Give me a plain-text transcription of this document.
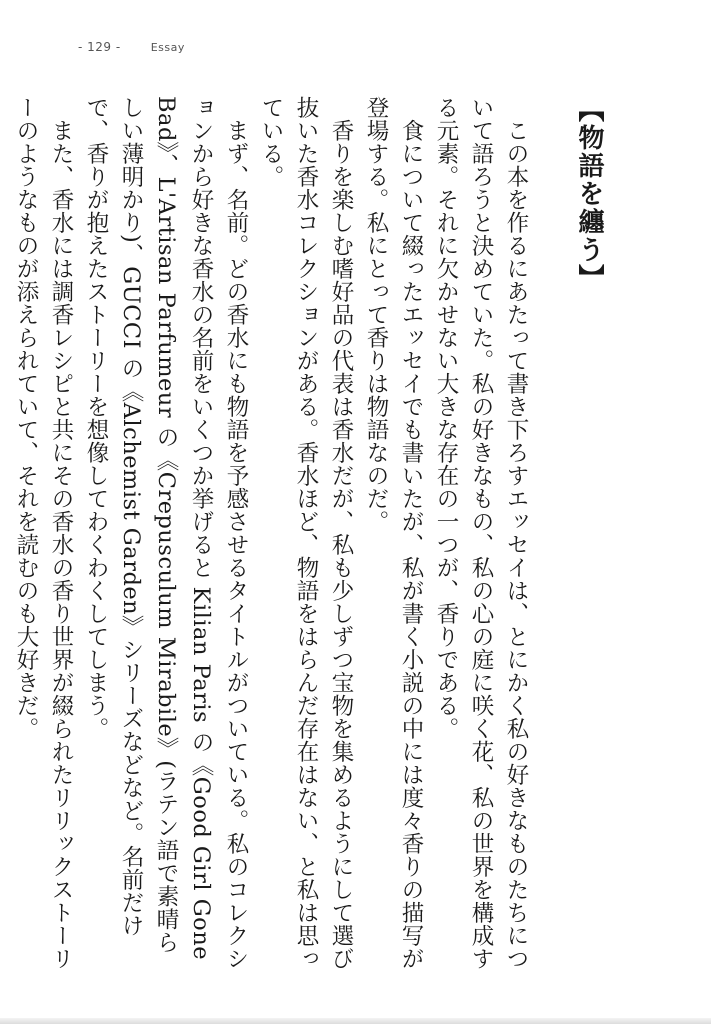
- 129 -	Essay
【物語を纏う】

この本を作るにあたって書き下ろすエッセイは、とにかく私の好きなものたちについて語ろうと決めていた。私の好きなもの、私の心の庭に咲く花、私の世界を構成する元素。それに欠かせない大きな存在の一つが、香りである。

食について綴ったエッセイでも書いたが、私が書く小説の中には度々香りの描写が登場する。私にとって香りは物語なのだ。

香りを楽しむ嗜好品の代表は香水だが、私も少しずつ宝物を集めるようにして選び抜いた香水コレクションがある。香水ほど、物語をはらんだ存在はない、と私は思っている。

まず、名前。どの香水にも物語を予感させるタイトルがついている。私のコレクションから好きな香水の名前をいくつか挙げると Kilian Paris の《Good Girl Gone Bad》、L'Artisan Parfumeur の《Crepusculum Mirabile》(ラテン語で素晴らしい薄明かり)、GUCCI の《Alchemist Garden》シリーズなどなど。名前だけで、香りが抱えたストーリーを想像してわくわくしてしまう。

また、香水には調香レシピと共にその香水の香り世界が綴られたリリックストーリーのようなものが添えられていて、それを読むのも大好きだ。
